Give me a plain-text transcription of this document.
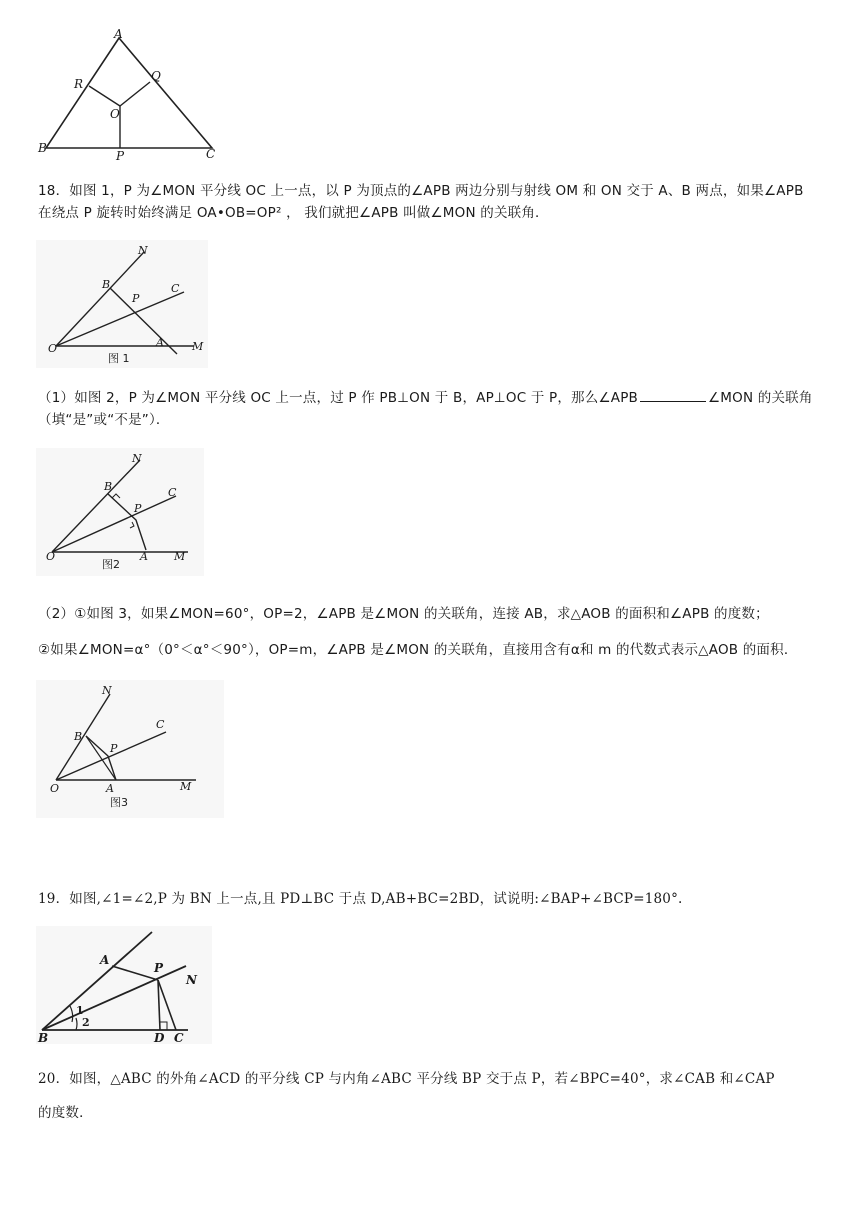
A
R
Q
O
B
P	C
18．如图 1，P 为∠MON 平分线 OC 上一点，以 P 为顶点的∠APB 两边分别与射线 OM 和 ON 交于 A、B 两点，如果∠APB
在绕点 P 旋转时始终满足 OA•OB=OP² ， 我们就把∠APB 叫做∠MON 的关联角．
N
B
P
C
O	A	M
图 1
（1）如图 2，P 为∠MON 平分线 OC 上一点，过 P 作 PB⊥ON 于 B，AP⊥OC 于 P，那么∠APB	∠MON 的关联角
（填“是”或“不是”）．
N
B
P
C
O	A M
图2
（2）①如图 3，如果∠MON=60°，OP=2，∠APB 是∠MON 的关联角，连接 AB，求△AOB 的面积和∠APB 的度数；
②如果∠MON=α°（0°＜α°＜90°），OP=m，∠APB 是∠MON 的关联角，直接用含有α和 m 的代数式表示△AOB 的面积．
N
C
B
P
O	A	M
图3
19．如图,∠1=∠2,P 为 BN 上一点,且 PD⊥BC 于点 D,AB+BC=2BD，试说明:∠BAP+∠BCP=180°.
A
P
N
1
2
B	D C
20．如图，△ABC 的外角∠ACD 的平分线 CP 与内角∠ABC 平分线 BP 交于点 P，若∠BPC=40°，求∠CAB 和∠CAP
的度数．
